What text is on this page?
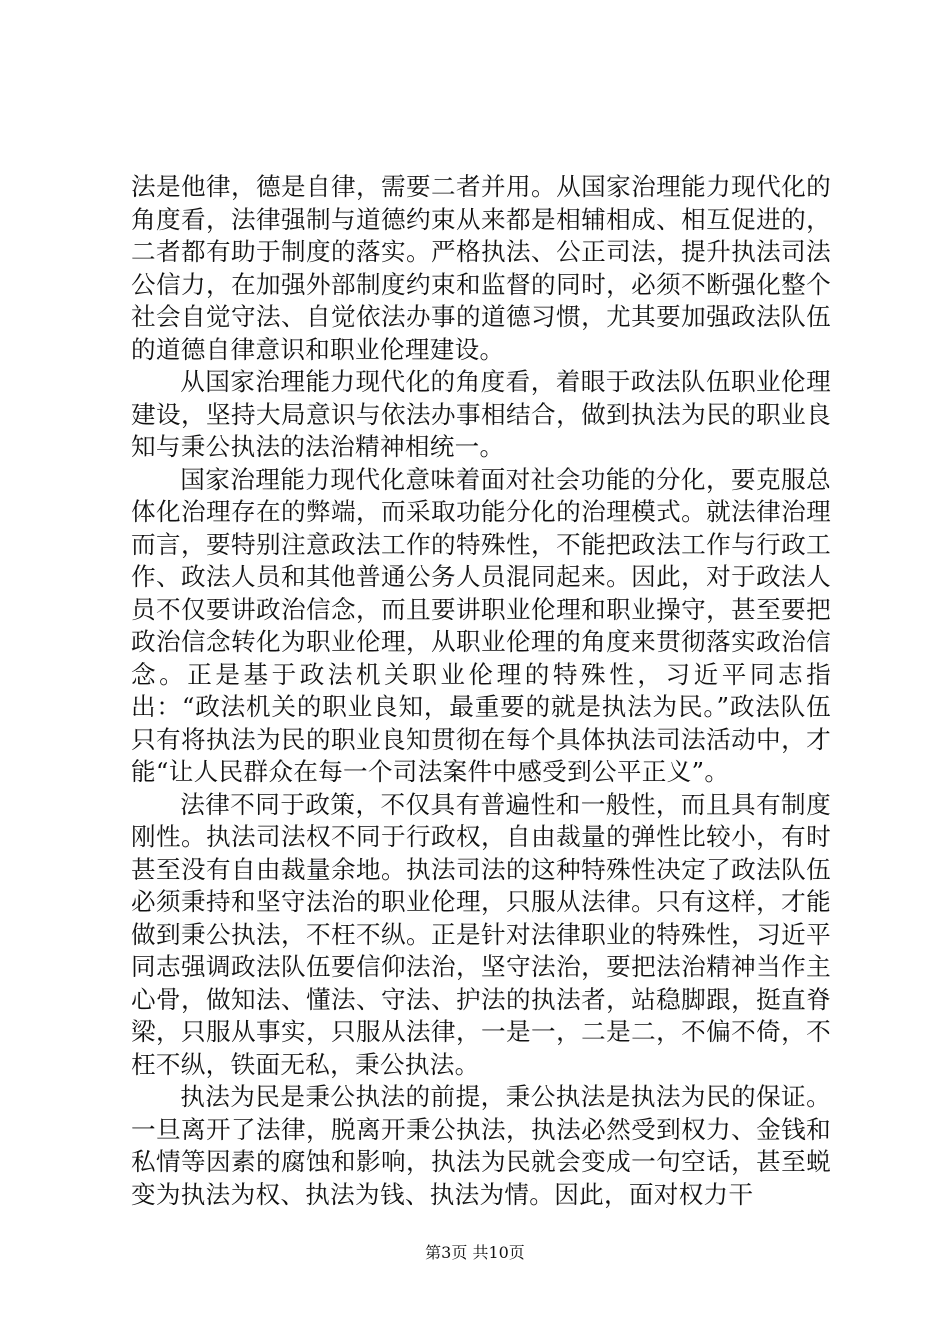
法是他律，德是自律，需要二者并用。从国家治理能力现代化的角度看，法律强制与道德约束从来都是相辅相成、相互促进的，二者都有助于制度的落实。严格执法、公正司法，提升执法司法公信力，在加强外部制度约束和监督的同时，必须不断强化整个社会自觉守法、自觉依法办事的道德习惯，尤其要加强政法队伍的道德自律意识和职业伦理建设。

从国家治理能力现代化的角度看，着眼于政法队伍职业伦理建设，坚持大局意识与依法办事相结合，做到执法为民的职业良知与秉公执法的法治精神相统一。

国家治理能力现代化意味着面对社会功能的分化，要克服总体化治理存在的弊端，而采取功能分化的治理模式。就法律治理而言，要特别注意政法工作的特殊性，不能把政法工作与行政工作、政法人员和其他普通公务人员混同起来。因此，对于政法人员不仅要讲政治信念，而且要讲职业伦理和职业操守，甚至要把政治信念转化为职业伦理，从职业伦理的角度来贯彻落实政治信念。正是基于政法机关职业伦理的特殊性，习近平同志指出：“政法机关的职业良知，最重要的就是执法为民。”政法队伍只有将执法为民的职业良知贯彻在每个具体执法司法活动中，才能“让人民群众在每一个司法案件中感受到公平正义”。

法律不同于政策，不仅具有普遍性和一般性，而且具有制度刚性。执法司法权不同于行政权，自由裁量的弹性比较小，有时甚至没有自由裁量余地。执法司法的这种特殊性决定了政法队伍必须秉持和坚守法治的职业伦理，只服从法律。只有这样，才能做到秉公执法，不枉不纵。正是针对法律职业的特殊性，习近平同志强调政法队伍要信仰法治，坚守法治，要把法治精神当作主心骨，做知法、懂法、守法、护法的执法者，站稳脚跟，挺直脊梁，只服从事实，只服从法律，一是一，二是二，不偏不倚，不枉不纵，铁面无私，秉公执法。

执法为民是秉公执法的前提，秉公执法是执法为民的保证。一旦离开了法律，脱离开秉公执法，执法必然受到权力、金钱和私情等因素的腐蚀和影响，执法为民就会变成一句空话，甚至蜕变为执法为权、执法为钱、执法为情。因此，面对权力干

第3页 共10页
